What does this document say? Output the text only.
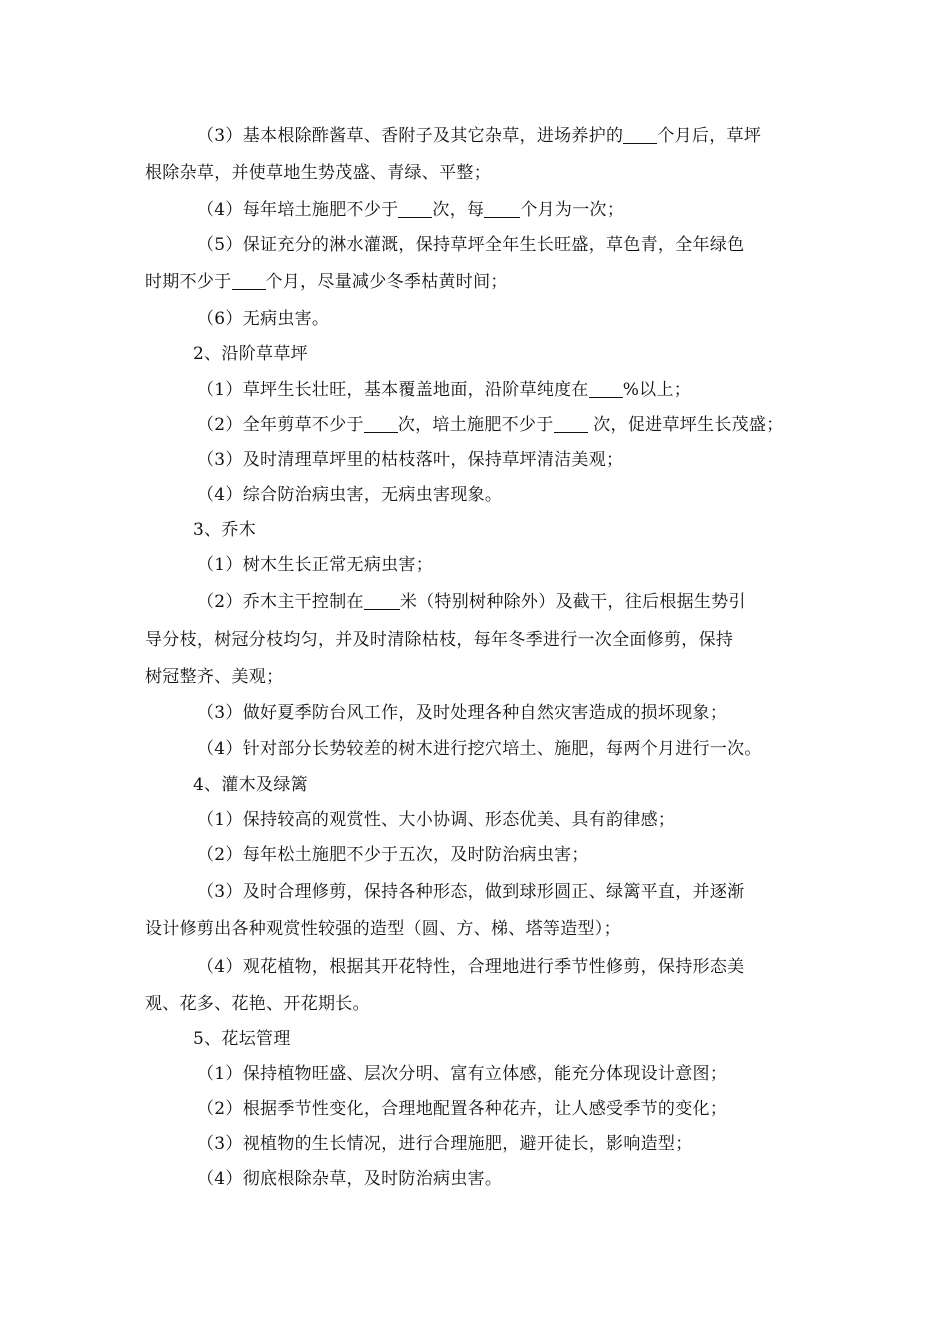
（3）基本根除酢酱草、香附子及其它杂草，进场养护的 个月后，草坪
根除杂草，并使草地生势茂盛、青绿、平整；
（4）每年培土施肥不少于 次，每 个月为一次；
（5）保证充分的淋水灌溉，保持草坪全年生长旺盛，草色青，全年绿色
时期不少于 个月，尽量减少冬季枯黄时间；
（6）无病虫害。
2、沿阶草草坪
（1）草坪生长壮旺，基本覆盖地面，沿阶草纯度在 %以上；
（2）全年剪草不少于 次，培土施肥不少于 次，促进草坪生长茂盛；
（3）及时清理草坪里的枯枝落叶，保持草坪清洁美观；
（4）综合防治病虫害，无病虫害现象。
3、乔木
（1）树木生长正常无病虫害；
（2）乔木主干控制在 米（特别树种除外）及截干，往后根据生势引
导分枝，树冠分枝均匀，并及时清除枯枝，每年冬季进行一次全面修剪，保持
树冠整齐、美观；
（3）做好夏季防台风工作，及时处理各种自然灾害造成的损坏现象；
（4）针对部分长势较差的树木进行挖穴培土、施肥，每两个月进行一次。
4、灌木及绿篱
（1）保持较高的观赏性、大小协调、形态优美、具有韵律感；
（2）每年松土施肥不少于五次，及时防治病虫害；
（3）及时合理修剪，保持各种形态，做到球形圆正、绿篱平直，并逐渐
设计修剪出各种观赏性较强的造型（圆、方、梯、塔等造型）；
（4）观花植物，根据其开花特性，合理地进行季节性修剪，保持形态美
观、花多、花艳、开花期长。
5、花坛管理
（1）保持植物旺盛、层次分明、富有立体感，能充分体现设计意图；
（2）根据季节性变化，合理地配置各种花卉，让人感受季节的变化；
（3）视植物的生长情况，进行合理施肥，避开徒长，影响造型；
（4）彻底根除杂草，及时防治病虫害。
